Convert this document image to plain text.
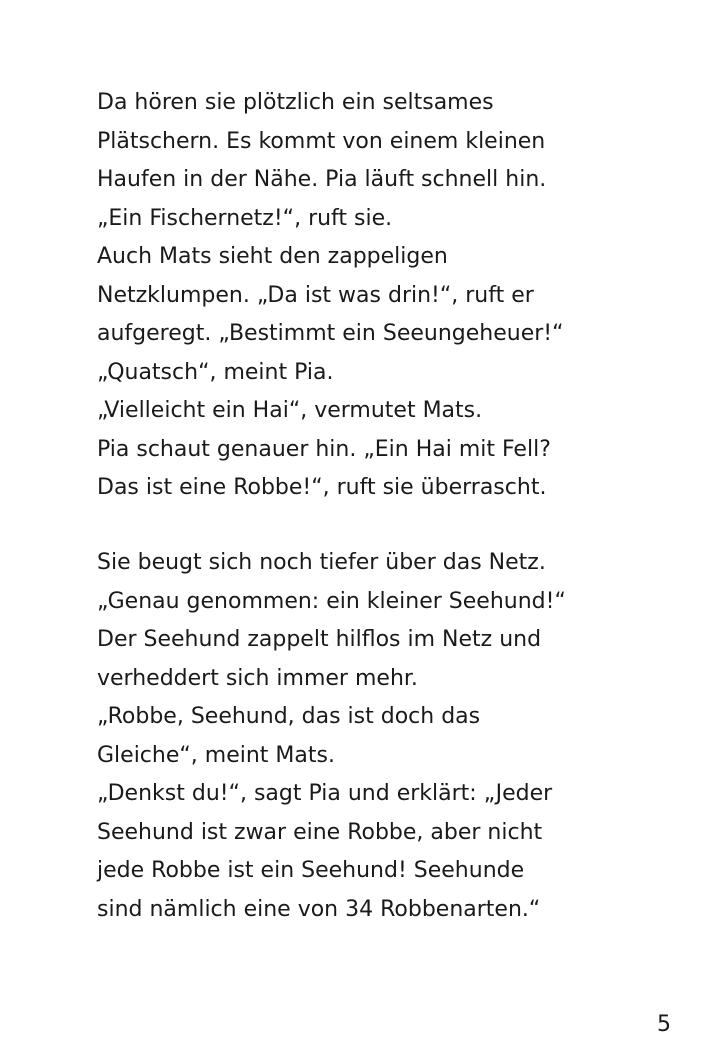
Da hören sie plötzlich ein seltsames
Plätschern. Es kommt von einem kleinen
Haufen in der Nähe. Pia läuft schnell hin.
„Ein Fischernetz!“, ruft sie.
Auch Mats sieht den zappeligen
Netzklumpen. „Da ist was drin!“, ruft er
aufgeregt. „Bestimmt ein Seeungeheuer!“
„Quatsch“, meint Pia.
„Vielleicht ein Hai“, vermutet Mats.
Pia schaut genauer hin. „Ein Hai mit Fell?
Das ist eine Robbe!“, ruft sie überrascht.
Sie beugt sich noch tiefer über das Netz.
„Genau genommen: ein kleiner Seehund!“
Der Seehund zappelt hilflos im Netz und
verheddert sich immer mehr.
„Robbe, Seehund, das ist doch das
Gleiche“, meint Mats.
„Denkst du!“, sagt Pia und erklärt: „Jeder
Seehund ist zwar eine Robbe, aber nicht
jede Robbe ist ein Seehund! Seehunde
sind nämlich eine von 34 Robbenarten.“
5
